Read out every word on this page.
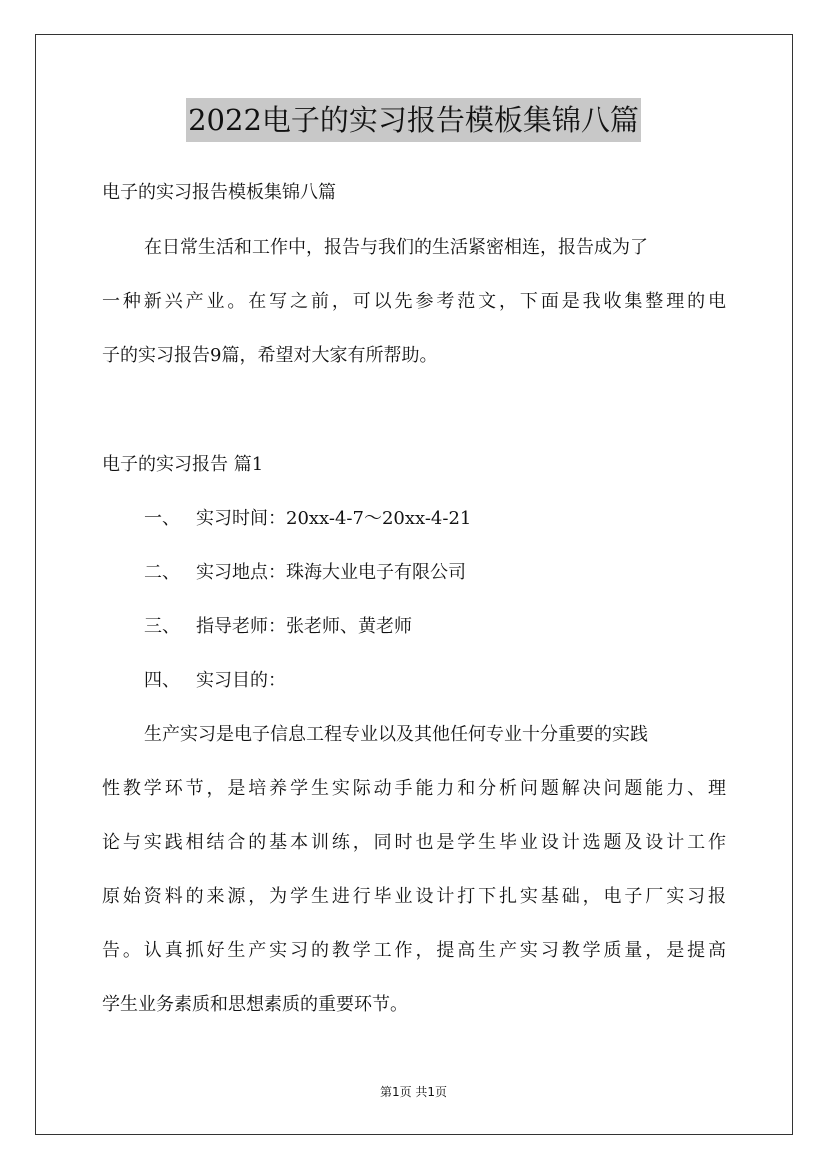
2022电子的实习报告模板集锦八篇

电子的实习报告模板集锦八篇

在日常生活和工作中，报告与我们的生活紧密相连，报告成为了

一种新兴产业。在写之前，可以先参考范文，下面是我收集整理的电

子的实习报告9篇，希望对大家有所帮助。

电子的实习报告 篇1

一、 实习时间：20xx-4-7～20xx-4-21

二、 实习地点：珠海大业电子有限公司

三、 指导老师：张老师、黄老师

四、 实习目的：

生产实习是电子信息工程专业以及其他任何专业十分重要的实践

性教学环节，是培养学生实际动手能力和分析问题解决问题能力、理

论与实践相结合的基本训练，同时也是学生毕业设计选题及设计工作

原始资料的来源，为学生进行毕业设计打下扎实基础，电子厂实习报

告。认真抓好生产实习的教学工作，提高生产实习教学质量，是提高

学生业务素质和思想素质的重要环节。

第1页 共1页
